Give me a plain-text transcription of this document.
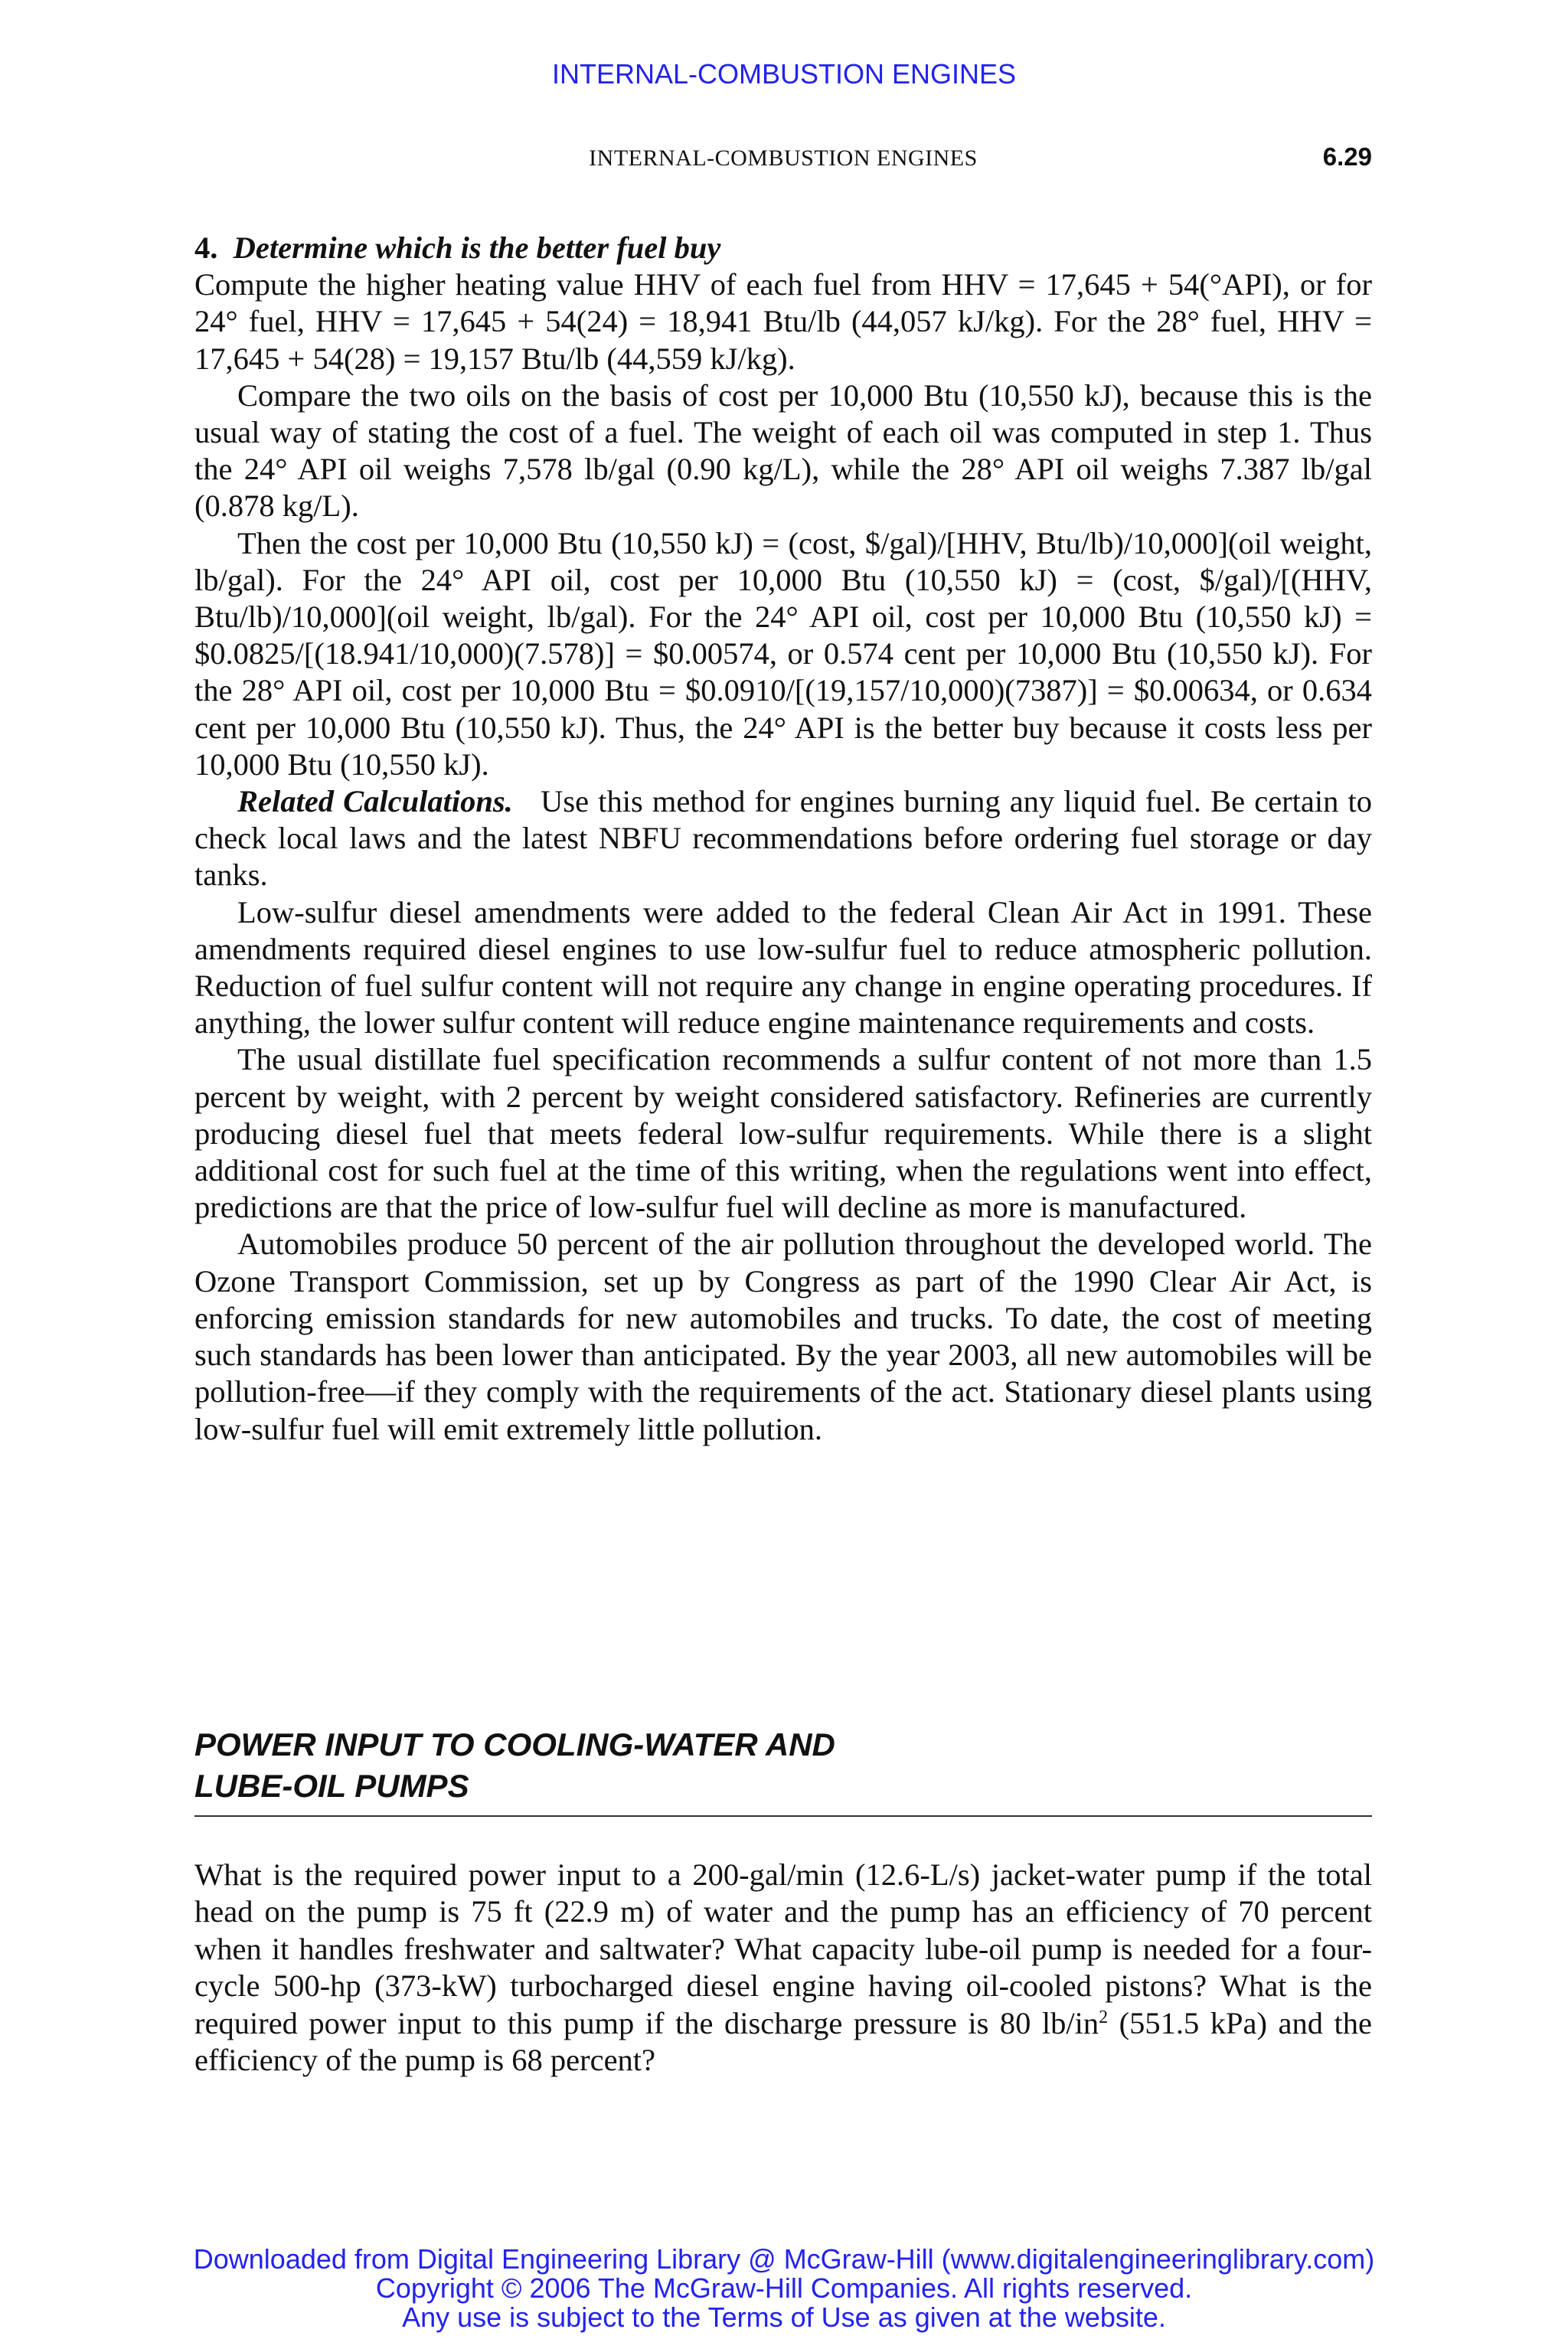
INTERNAL-COMBUSTION ENGINES
INTERNAL-COMBUSTION ENGINES	6.29

4. Determine which is the better fuel buy

Compute the higher heating value HHV of each fuel from HHV = 17,645 + 54(°API), or for 24° fuel, HHV = 17,645 + 54(24) = 18,941 Btu/lb (44,057 kJ/kg). For the 28° fuel, HHV = 17,645 + 54(28) = 19,157 Btu/lb (44,559 kJ/kg).

Compare the two oils on the basis of cost per 10,000 Btu (10,550 kJ), because this is the usual way of stating the cost of a fuel. The weight of each oil was computed in step 1. Thus the 24° API oil weighs 7,578 lb/gal (0.90 kg/L), while the 28° API oil weighs 7.387 lb/gal (0.878 kg/L).

Then the cost per 10,000 Btu (10,550 kJ) = (cost, $/gal)/[HHV, Btu/lb)/10,000](oil weight, lb/gal). For the 24° API oil, cost per 10,000 Btu (10,550 kJ) = (cost, $/gal)/[(HHV, Btu/lb)/10,000](oil weight, lb/gal). For the 24° API oil, cost per 10,000 Btu (10,550 kJ) = $0.0825/[(18.941/10,000)(7.578)] = $0.00574, or 0.574 cent per 10,000 Btu (10,550 kJ). For the 28° API oil, cost per 10,000 Btu = $0.0910/[(19,157/10,000)(7387)] = $0.00634, or 0.634 cent per 10,000 Btu (10,550 kJ). Thus, the 24° API is the better buy because it costs less per 10,000 Btu (10,550 kJ).

Related Calculations. Use this method for engines burning any liquid fuel. Be certain to check local laws and the latest NBFU recommendations before ordering fuel storage or day tanks.

Low-sulfur diesel amendments were added to the federal Clean Air Act in 1991. These amendments required diesel engines to use low-sulfur fuel to reduce atmospheric pollution. Reduction of fuel sulfur content will not require any change in engine operating procedures. If anything, the lower sulfur content will reduce engine maintenance requirements and costs.

The usual distillate fuel specification recommends a sulfur content of not more than 1.5 percent by weight, with 2 percent by weight considered satisfactory. Refineries are currently producing diesel fuel that meets federal low-sulfur requirements. While there is a slight additional cost for such fuel at the time of this writing, when the regulations went into effect, predictions are that the price of low-sulfur fuel will decline as more is manufactured.

Automobiles produce 50 percent of the air pollution throughout the developed world. The Ozone Transport Commission, set up by Congress as part of the 1990 Clear Air Act, is enforcing emission standards for new automobiles and trucks. To date, the cost of meeting such standards has been lower than anticipated. By the year 2003, all new automobiles will be pollution-free—if they comply with the requirements of the act. Stationary diesel plants using low-sulfur fuel will emit extremely little pollution.

POWER INPUT TO COOLING-WATER AND
LUBE-OIL PUMPS

What is the required power input to a 200-gal/min (12.6-L/s) jacket-water pump if the total head on the pump is 75 ft (22.9 m) of water and the pump has an efficiency of 70 percent when it handles freshwater and saltwater? What capacity lube-oil pump is needed for a four-cycle 500-hp (373-kW) turbocharged diesel engine having oil-cooled pistons? What is the required power input to this pump if the discharge pressure is 80 $lb/in^2$ (551.5 kPa) and the efficiency of the pump is 68 percent?

Downloaded from Digital Engineering Library @ McGraw-Hill (www.digitalengineeringlibrary.com)
Copyright © 2006 The McGraw-Hill Companies. All rights reserved.
Any use is subject to the Terms of Use as given at the website.
